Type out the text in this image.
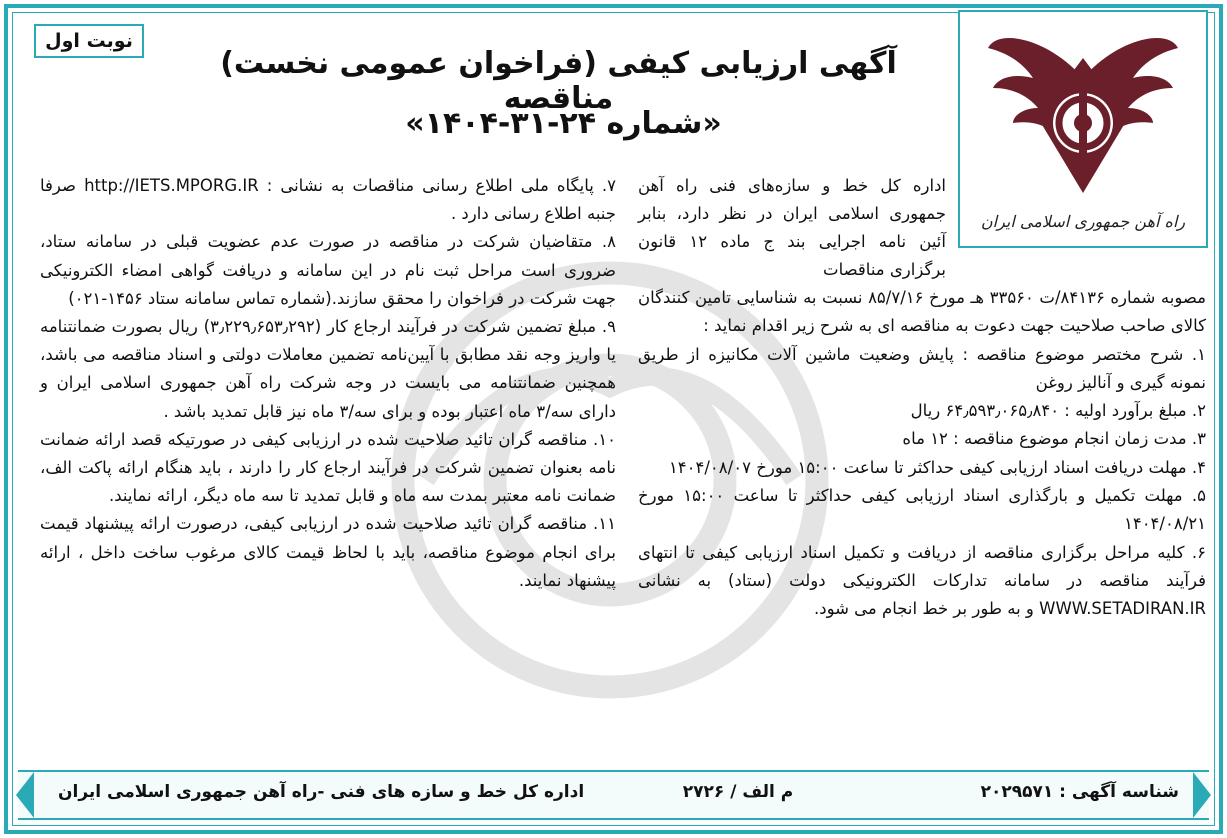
راه آهن جمهوری اسلامی ایران
نوبت اول
آگهی ارزیابی کیفی (فراخوان عمومی نخست) مناقصه
«شماره ۲۴-۳۱-۱۴۰۴»

اداره کل خط و سازه‌های فنی راه آهن جمهوری اسلامی ایران در نظر دارد، بنابر آئین نامه اجرایی بند ج ماده ۱۲ قانون برگزاری مناقصات

مصوبه شماره ۸۴۱۳۶/ت ۳۳۵۶۰ هـ مورخ ۸۵/۷/۱۶ نسبت به شناسایی تامین کنندگان کالای صاحب صلاحیت جهت دعوت به مناقصه ای به شرح زیر اقدام نماید :

۱. شرح مختصر موضوع مناقصه : پایش وضعیت ماشین آلات مکانیزه از طریق نمونه گیری و آنالیز روغن

۲. مبلغ برآورد اولیه : ۶۴٫۵۹۳٫۰۶۵٫۸۴۰ ریال

۳. مدت زمان انجام موضوع مناقصه : ۱۲ ماه

۴. مهلت دریافت اسناد ارزیابی کیفی حداکثر تا ساعت ۱۵:۰۰ مورخ ۱۴۰۴/۰۸/۰۷

۵. مهلت تکمیل و بارگذاری اسناد ارزیابی کیفی حداکثر تا ساعت ۱۵:۰۰ مورخ ۱۴۰۴/۰۸/۲۱

۶. کلیه مراحل برگزاری مناقصه از دریافت و تکمیل اسناد ارزیابی کیفی تا انتهای فرآیند مناقصه در سامانه تدارکات الکترونیکی دولت (ستاد) به نشانی WWW.SETADIRAN.IR و به طور بر خط انجام می شود.

۷. پایگاه ملی اطلاع رسانی مناقصات به نشانی : http://IETS.MPORG.IR صرفا جنبه اطلاع رسانی دارد .

۸. متقاضیان شرکت در مناقصه در صورت عدم عضویت قبلی در سامانه ستاد، ضروری است مراحل ثبت نام در این سامانه و دریافت گواهی امضاء الکترونیکی جهت شرکت در فراخوان را محقق سازند.(شماره تماس سامانه ستاد ۱۴۵۶-۰۲۱)

۹. مبلغ تضمین شرکت در فرآیند ارجاع کار (۳٫۲۲۹٫۶۵۳٫۲۹۲) ریال بصورت ضمانتنامه یا واریز وجه نقد مطابق با آیین‌نامه تضمین معاملات دولتی و اسناد مناقصه می باشد، همچنین ضمانتنامه می بایست در وجه شرکت راه آهن جمهوری اسلامی ایران و دارای سه/۳ ماه اعتبار بوده و برای سه/۳ ماه نیز قابل تمدید باشد .

۱۰. مناقصه گران تائید صلاحیت شده در ارزیابی کیفی در صورتیکه قصد ارائه ضمانت نامه بعنوان تضمین شرکت در فرآیند ارجاع کار را دارند ، باید هنگام ارائه پاکت الف، ضمانت نامه معتبر بمدت سه ماه و قابل تمدید تا سه ماه دیگر، ارائه نمایند.

۱۱. مناقصه گران تائید صلاحیت شده در ارزیابی کیفی، درصورت ارائه پیشنهاد قیمت برای انجام موضوع مناقصه، باید با لحاظ قیمت کالای مرغوب ساخت داخل ، ارائه پیشنهاد نمایند.

شناسه آگهی : ۲۰۲۹۵۷۱
م الف / ۲۷۲۶
اداره کل خط و سازه های فنی -راه آهن جمهوری اسلامی ایران
